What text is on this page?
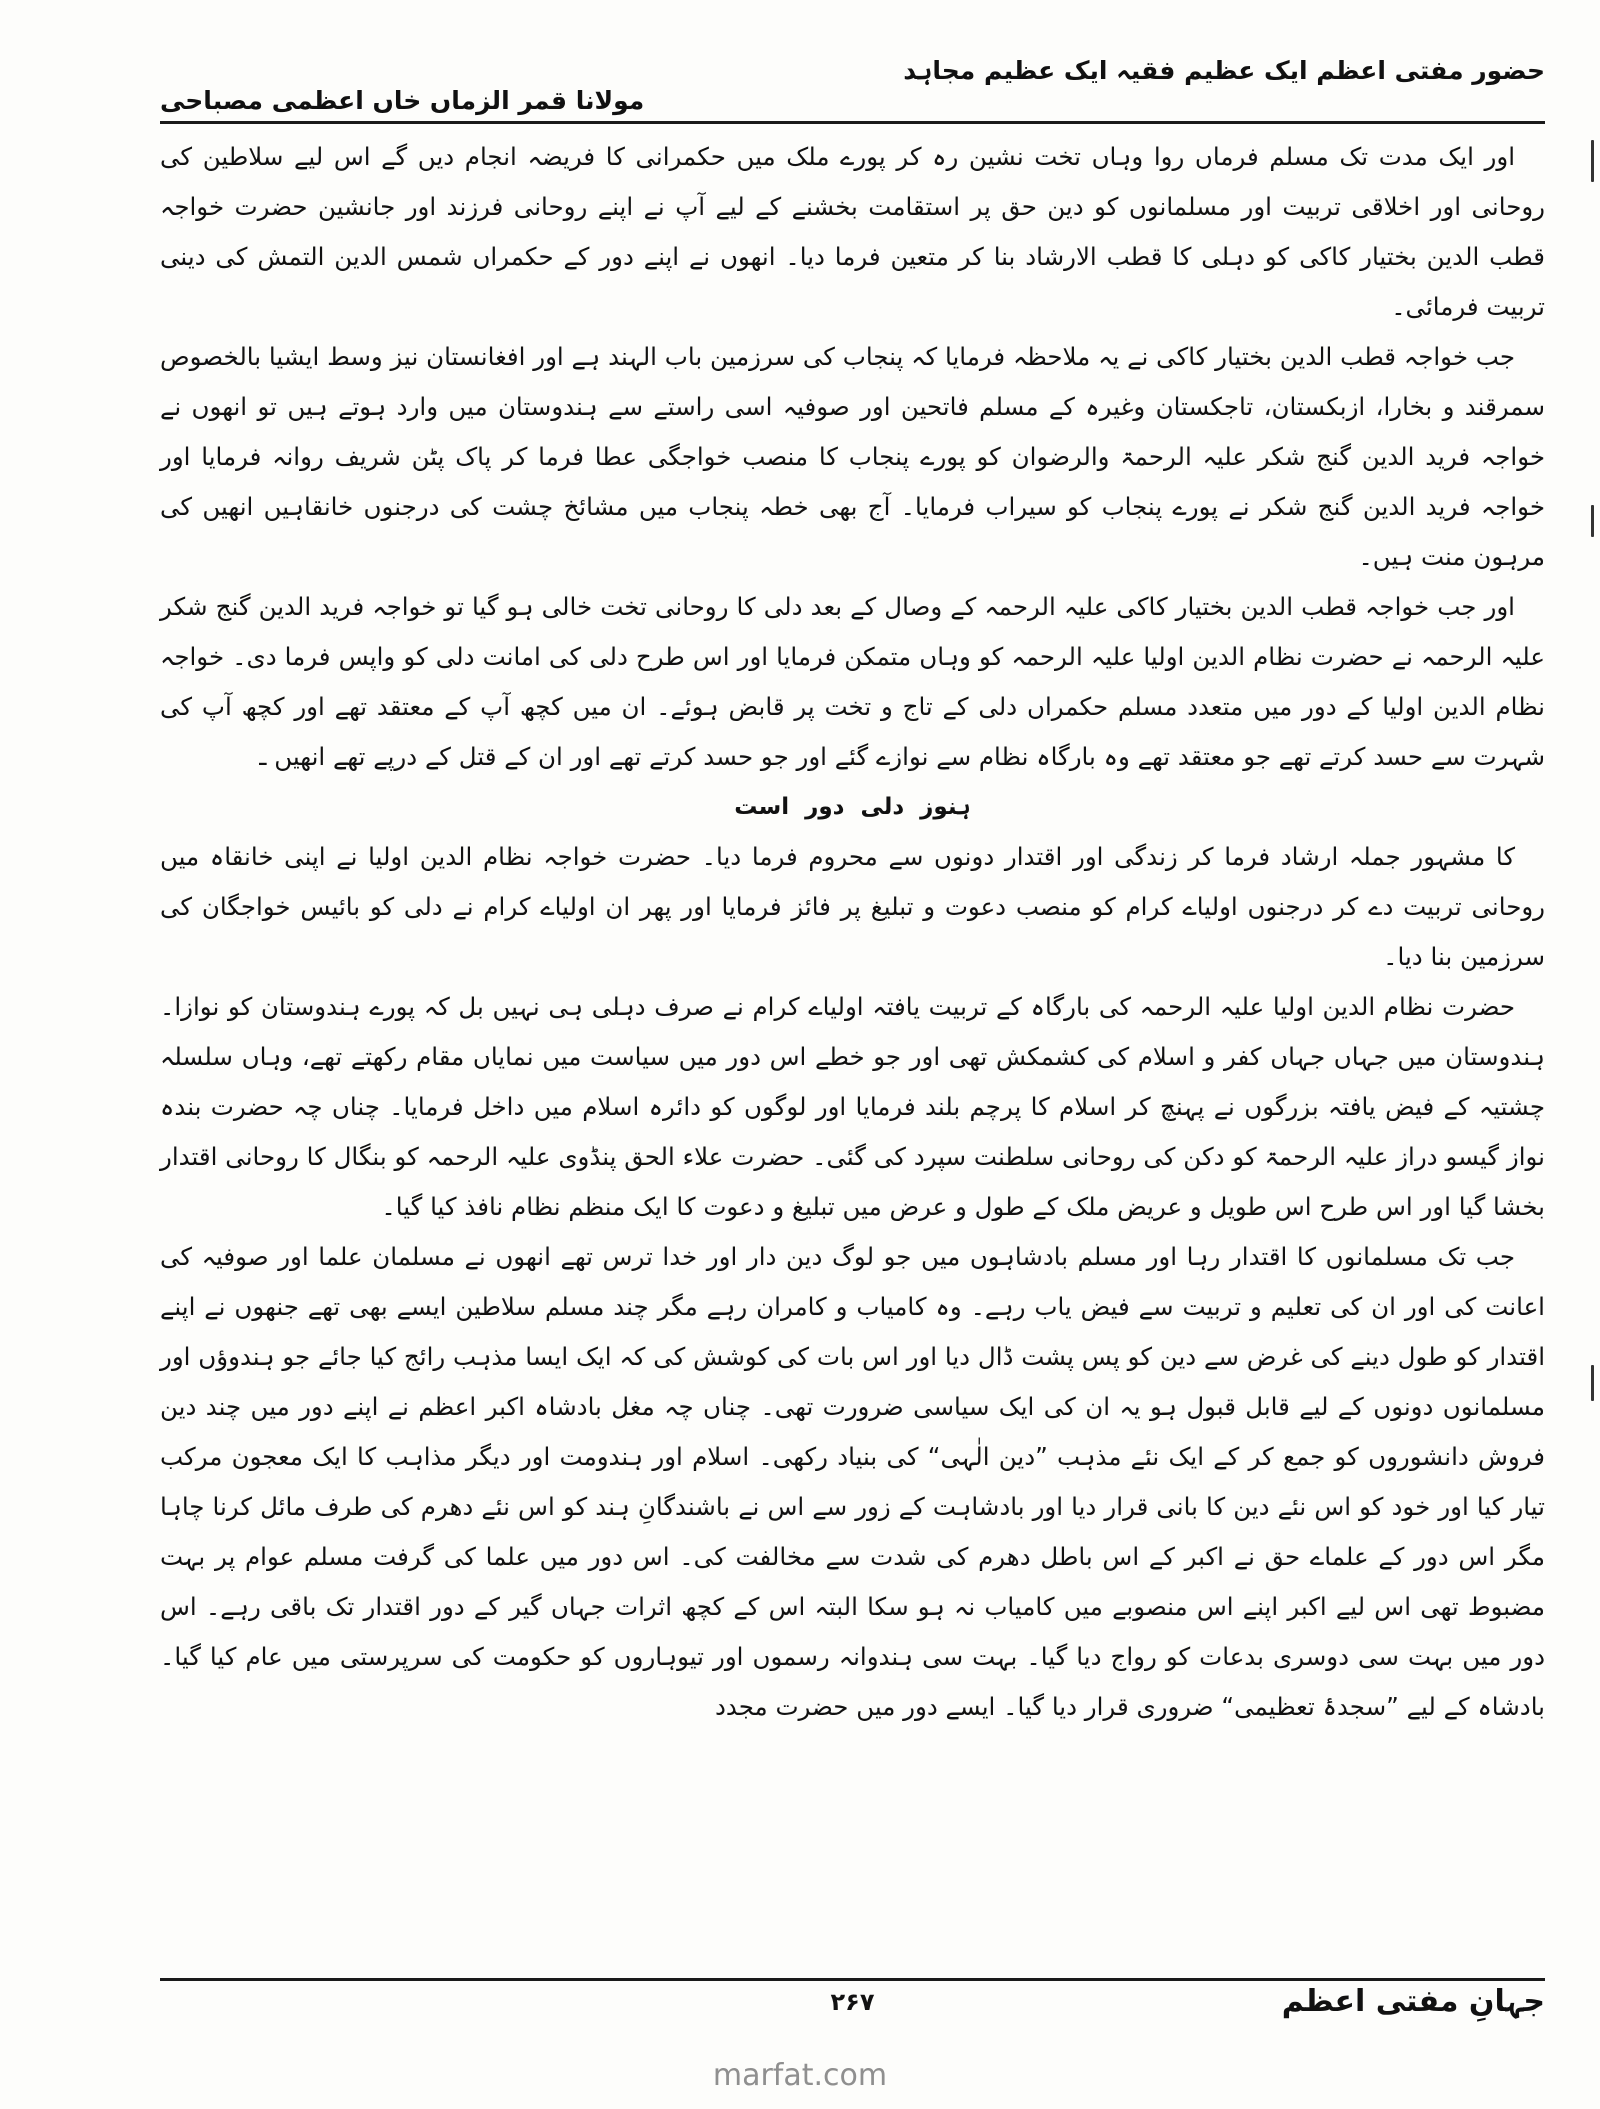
حضور مفتی اعظم ایک عظیم فقیہ ایک عظیم مجاہد
مولانا قمر الزماں خاں اعظمی مصباحی

اور ایک مدت تک مسلم فرماں روا وہاں تخت نشین رہ کر پورے ملک میں حکمرانی کا فریضہ انجام دیں گے اس لیے سلاطین کی روحانی اور اخلاقی تربیت اور مسلمانوں کو دین حق پر استقامت بخشنے کے لیے آپ نے اپنے روحانی فرزند اور جانشین حضرت خواجہ قطب الدین بختیار کاکی کو دہلی کا قطب الارشاد بنا کر متعین فرما دیا۔ انھوں نے اپنے دور کے حکمراں شمس الدین التمش کی دینی تربیت فرمائی۔

جب خواجہ قطب الدین بختیار کاکی نے یہ ملاحظہ فرمایا کہ پنجاب کی سرزمین باب الہند ہے اور افغانستان نیز وسط ایشیا بالخصوص سمرقند و بخارا، ازبکستان، تاجکستان وغیرہ کے مسلم فاتحین اور صوفیہ اسی راستے سے ہندوستان میں وارد ہوتے ہیں تو انھوں نے خواجہ فرید الدین گنج شکر علیہ الرحمۃ والرضوان کو پورے پنجاب کا منصب خواجگی عطا فرما کر پاک پٹن شریف روانہ فرمایا اور خواجہ فرید الدین گنج شکر نے پورے پنجاب کو سیراب فرمایا۔ آج بھی خطہ پنجاب میں مشائخ چشت کی درجنوں خانقاہیں انھیں کی مرہون منت ہیں۔

اور جب خواجہ قطب الدین بختیار کاکی علیہ الرحمہ کے وصال کے بعد دلی کا روحانی تخت خالی ہو گیا تو خواجہ فرید الدین گنج شکر علیہ الرحمہ نے حضرت نظام الدین اولیا علیہ الرحمہ کو وہاں متمکن فرمایا اور اس طرح دلی کی امانت دلی کو واپس فرما دی۔ خواجہ نظام الدین اولیا کے دور میں متعدد مسلم حکمراں دلی کے تاج و تخت پر قابض ہوئے۔ ان میں کچھ آپ کے معتقد تھے اور کچھ آپ کی شہرت سے حسد کرتے تھے جو معتقد تھے وہ بارگاہ نظام سے نوازے گئے اور جو حسد کرتے تھے اور ان کے قتل کے درپے تھے انھیں ـ

ہنوز دلی دور است

کا مشہور جملہ ارشاد فرما کر زندگی اور اقتدار دونوں سے محروم فرما دیا۔ حضرت خواجہ نظام الدین اولیا نے اپنی خانقاہ میں روحانی تربیت دے کر درجنوں اولیاے کرام کو منصب دعوت و تبلیغ پر فائز فرمایا اور پھر ان اولیاے کرام نے دلی کو بائیس خواجگان کی سرزمین بنا دیا۔

حضرت نظام الدین اولیا علیہ الرحمہ کی بارگاہ کے تربیت یافتہ اولیاے کرام نے صرف دہلی ہی نہیں بل کہ پورے ہندوستان کو نوازا۔ ہندوستان میں جہاں جہاں کفر و اسلام کی کشمکش تھی اور جو خطے اس دور میں سیاست میں نمایاں مقام رکھتے تھے، وہاں سلسلہ چشتیہ کے فیض یافتہ بزرگوں نے پہنچ کر اسلام کا پرچم بلند فرمایا اور لوگوں کو دائرہ اسلام میں داخل فرمایا۔ چناں چہ حضرت بندہ نواز گیسو دراز علیہ الرحمۃ کو دکن کی روحانی سلطنت سپرد کی گئی۔ حضرت علاء الحق پنڈوی علیہ الرحمہ کو بنگال کا روحانی اقتدار بخشا گیا اور اس طرح اس طویل و عریض ملک کے طول و عرض میں تبلیغ و دعوت کا ایک منظم نظام نافذ کیا گیا۔

جب تک مسلمانوں کا اقتدار رہا اور مسلم بادشاہوں میں جو لوگ دین دار اور خدا ترس تھے انھوں نے مسلمان علما اور صوفیہ کی اعانت کی اور ان کی تعلیم و تربیت سے فیض یاب رہے۔ وہ کامیاب و کامران رہے مگر چند مسلم سلاطین ایسے بھی تھے جنھوں نے اپنے اقتدار کو طول دینے کی غرض سے دین کو پس پشت ڈال دیا اور اس بات کی کوشش کی کہ ایک ایسا مذہب رائج کیا جائے جو ہندوؤں اور مسلمانوں دونوں کے لیے قابل قبول ہو یہ ان کی ایک سیاسی ضرورت تھی۔ چناں چہ مغل بادشاہ اکبر اعظم نے اپنے دور میں چند دین فروش دانشوروں کو جمع کر کے ایک نئے مذہب ”دین الٰہی“ کی بنیاد رکھی۔ اسلام اور ہندومت اور دیگر مذاہب کا ایک معجون مرکب تیار کیا اور خود کو اس نئے دین کا بانی قرار دیا اور بادشاہت کے زور سے اس نے باشندگانِ ہند کو اس نئے دھرم کی طرف مائل کرنا چاہا مگر اس دور کے علماے حق نے اکبر کے اس باطل دھرم کی شدت سے مخالفت کی۔ اس دور میں علما کی گرفت مسلم عوام پر بہت مضبوط تھی اس لیے اکبر اپنے اس منصوبے میں کامیاب نہ ہو سکا البتہ اس کے کچھ اثرات جہاں گیر کے دور اقتدار تک باقی رہے۔ اس دور میں بہت سی دوسری بدعات کو رواج دیا گیا۔ بہت سی ہندوانہ رسموں اور تیوہاروں کو حکومت کی سرپرستی میں عام کیا گیا۔ بادشاہ کے لیے ”سجدۂ تعظیمی“ ضروری قرار دیا گیا۔ ایسے دور میں حضرت مجدد

جہانِ مفتی اعظم
۲۶۷
marfat.com
